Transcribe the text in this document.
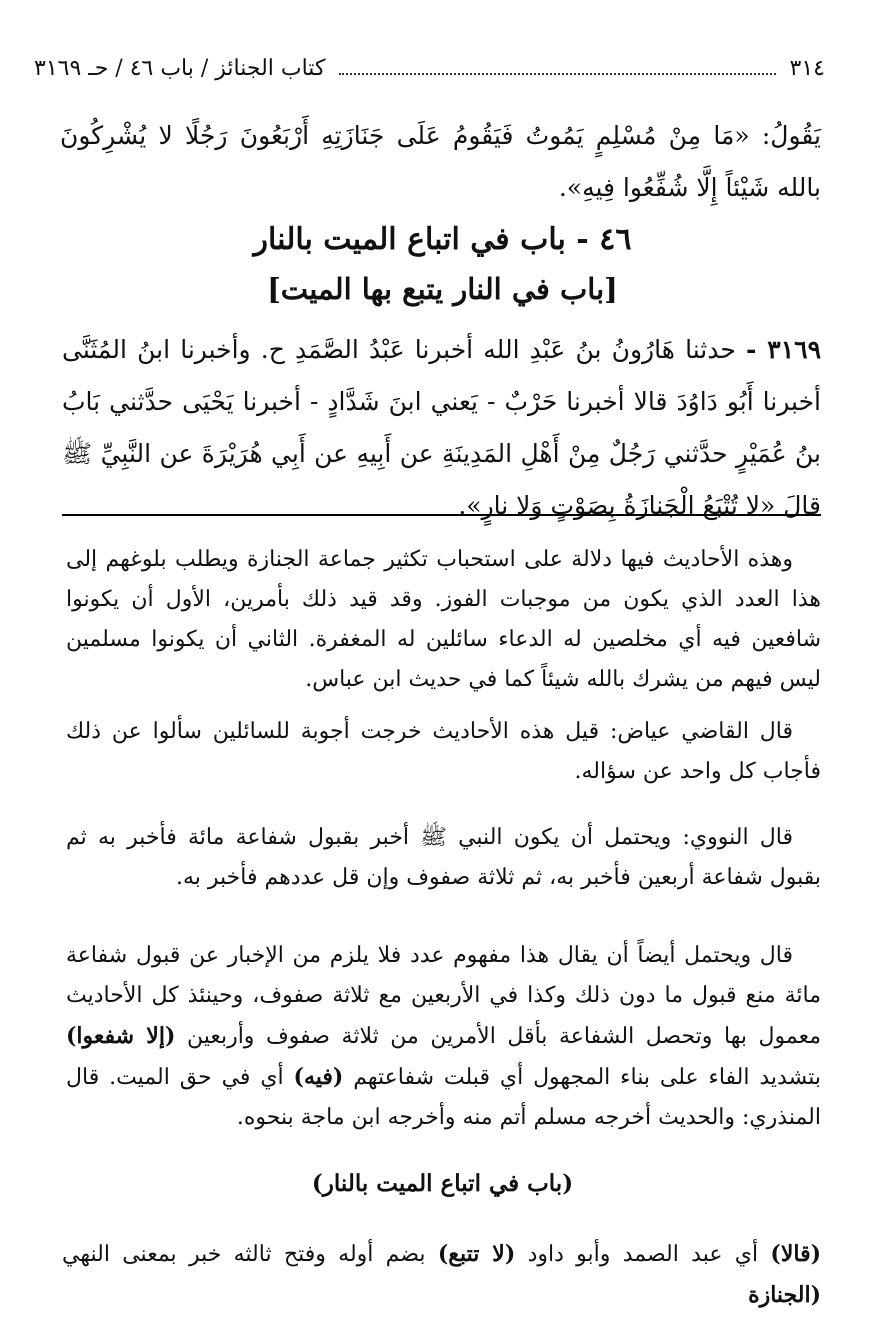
٣١٤
كتاب الجنائز / باب ٤٦ / حـ ٣١٦٩
يَقُولُ: «مَا مِنْ مُسْلِمٍ يَمُوتُ فَيَقُومُ عَلَى جَنَازَتِهِ أَرْبَعُونَ رَجُلًا لا يُشْرِكُونَ بالله شَيْئاً إِلَّا شُفِّعُوا فِيهِ».
٤٦ - باب في اتباع الميت بالنار
[باب في النار يتبع بها الميت]
٣١٦٩ - حدثنا هَارُونُ بنُ عَبْدِ الله أخبرنا عَبْدُ الصَّمَدِ ح. وأخبرنا ابنُ المُثَنَّى أخبرنا أَبُو دَاوُدَ قالا أخبرنا حَرْبٌ - يَعني ابنَ شَدَّادٍ - أخبرنا يَحْيَى حدَّثني بَابُ بنُ عُمَيْرٍ حدَّثني رَجُلٌ مِنْ أَهْلِ المَدِينَةِ عن أَبِيهِ عن أَبِي هُرَيْرَةَ عن النَّبِيِّ ﷺ قالَ «لا تُتْبَعُ الْجَنازَةُ بِصَوْتٍ وَلا نارٍ».
وهذه الأحاديث فيها دلالة على استحباب تكثير جماعة الجنازة ويطلب بلوغهم إلى هذا العدد الذي يكون من موجبات الفوز. وقد قيد ذلك بأمرين، الأول أن يكونوا شافعين فيه أي مخلصين له الدعاء سائلين له المغفرة. الثاني أن يكونوا مسلمين ليس فيهم من يشرك بالله شيئاً كما في حديث ابن عباس.
قال القاضي عياض: قيل هذه الأحاديث خرجت أجوبة للسائلين سألوا عن ذلك فأجاب كل واحد عن سؤاله.
قال النووي: ويحتمل أن يكون النبي ﷺ أخبر بقبول شفاعة مائة فأخبر به ثم بقبول شفاعة أربعين فأخبر به، ثم ثلاثة صفوف وإن قل عددهم فأخبر به.
قال ويحتمل أيضاً أن يقال هذا مفهوم عدد فلا يلزم من الإخبار عن قبول شفاعة مائة منع قبول ما دون ذلك وكذا في الأربعين مع ثلاثة صفوف، وحينئذ كل الأحاديث معمول بها وتحصل الشفاعة بأقل الأمرين من ثلاثة صفوف وأربعين (إلا شفعوا) بتشديد الفاء على بناء المجهول أي قبلت شفاعتهم (فيه) أي في حق الميت. قال المنذري: والحديث أخرجه مسلم أتم منه وأخرجه ابن ماجة بنحوه.
(باب في اتباع الميت بالنار)
(قالا) أي عبد الصمد وأبو داود (لا تتبع) بضم أوله وفتح ثالثه خبر بمعنى النهي (الجنازة
